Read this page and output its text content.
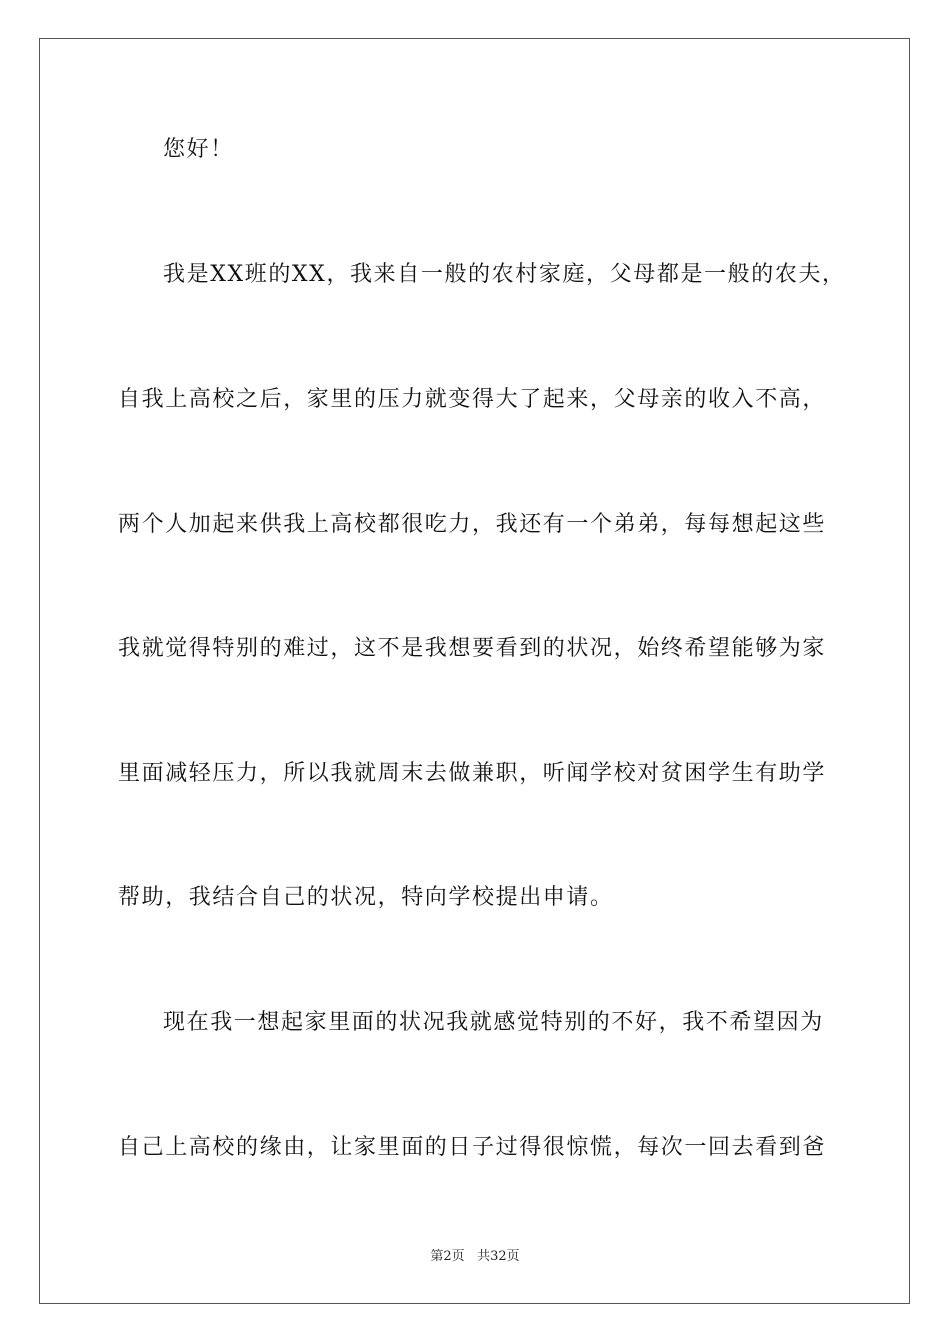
您好！
我是XX班的XX，我来自一般的农村家庭，父母都是一般的农夫，
自我上高校之后，家里的压力就变得大了起来，父母亲的收入不高，
两个人加起来供我上高校都很吃力，我还有一个弟弟，每每想起这些
我就觉得特别的难过，这不是我想要看到的状况，始终希望能够为家
里面减轻压力，所以我就周末去做兼职，听闻学校对贫困学生有助学
帮助，我结合自己的状况，特向学校提出申请。
现在我一想起家里面的状况我就感觉特别的不好，我不希望因为
自己上高校的缘由，让家里面的日子过得很惊慌，每次一回去看到爸
第2页 共32页
